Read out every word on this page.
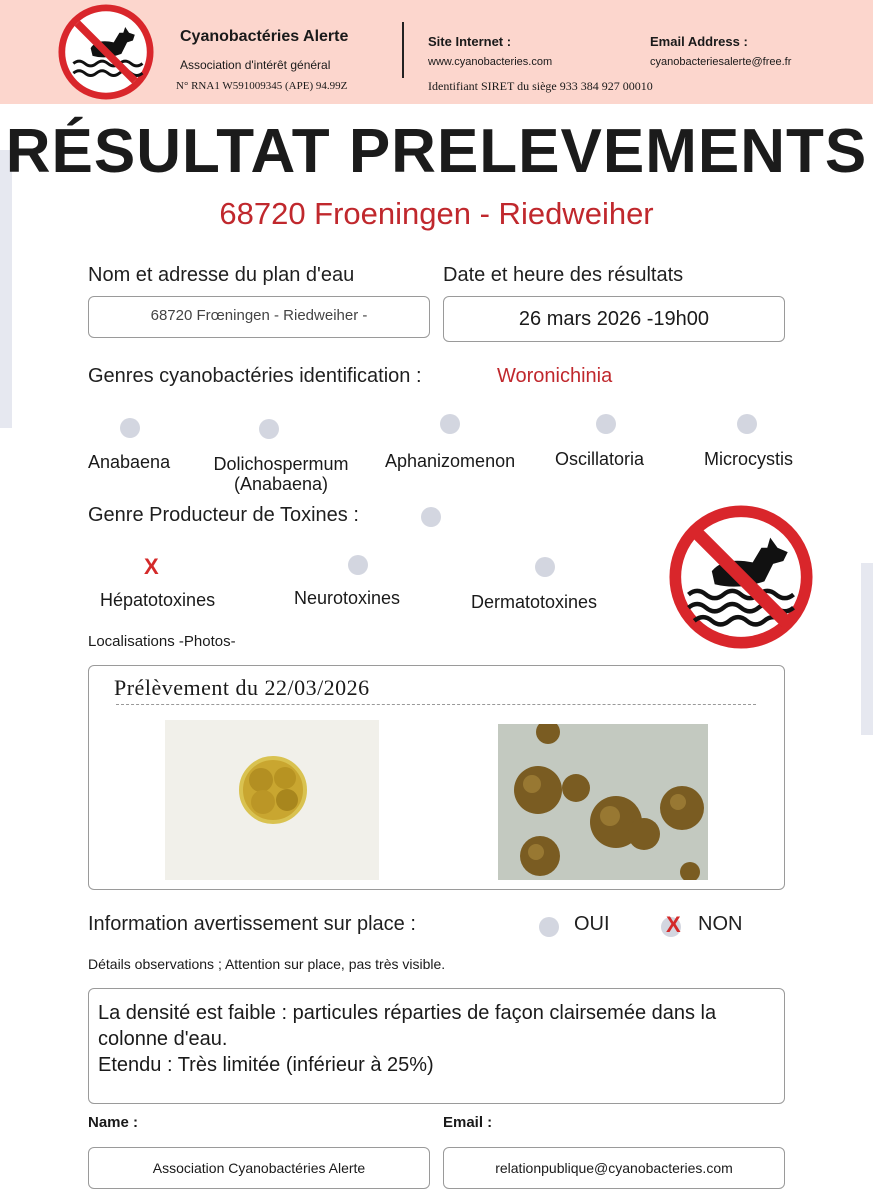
Cyanobactéries Alerte
Association d'intérêt général
N° RNA1 W591009345 (APE) 94.99Z
Site Internet :
www.cyanobacteries.com
Identifiant SIRET du siège 933 384 927 00010
Email Address :
cyanobacteriesalerte@free.fr
RÉSULTAT PRELEVEMENTS
68720 Froeningen - Riedweiher
Nom et adresse du plan d'eau
68720 Frœningen - Riedweiher -
Date et heure des résultats
26 mars 2026 -19h00
Genres cyanobactéries identification :	Woronichinia
Anabaena	Dolichospermum
(Anabaena)
Aphanizomenon Oscillatoria	Microcystis
Genre Producteur de Toxines :
X
Hépatotoxines	Neurotoxines	Dermatotoxines
Localisations -Photos-
Prélèvement du 22/03/2026
Information avertissement sur place :	OUI	X NON
Détails observations ; Attention sur place, pas très visible.
La densité est faible : particules réparties de façon clairsemée dans la
colonne d'eau.
Etendu : Très limitée (inférieur à 25%)
Name :
Association Cyanobactéries Alerte
Email :
relationpublique@cyanobacteries.com
